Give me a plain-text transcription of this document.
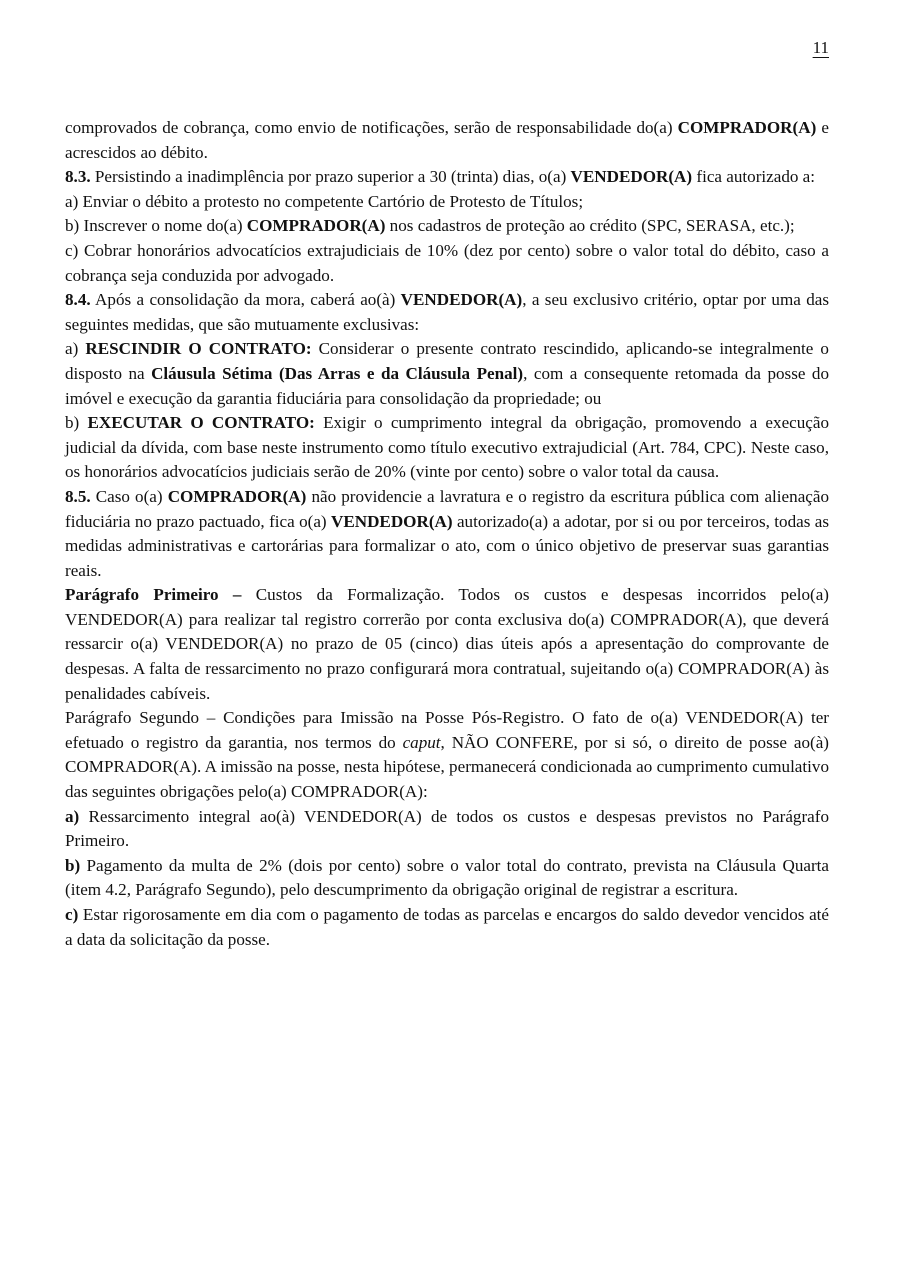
11

comprovados de cobrança, como envio de notificações, serão de responsabilidade do(a) COMPRADOR(A) e acrescidos ao débito.

8.3. Persistindo a inadimplência por prazo superior a 30 (trinta) dias, o(a) VENDEDOR(A) fica autorizado a:

a) Enviar o débito a protesto no competente Cartório de Protesto de Títulos;

b) Inscrever o nome do(a) COMPRADOR(A) nos cadastros de proteção ao crédito (SPC, SERASA, etc.);

c) Cobrar honorários advocatícios extrajudiciais de 10% (dez por cento) sobre o valor total do débito, caso a cobrança seja conduzida por advogado.

8.4. Após a consolidação da mora, caberá ao(à) VENDEDOR(A), a seu exclusivo critério, optar por uma das seguintes medidas, que são mutuamente exclusivas:

a) RESCINDIR O CONTRATO: Considerar o presente contrato rescindido, aplicando-se integralmente o disposto na Cláusula Sétima (Das Arras e da Cláusula Penal), com a consequente retomada da posse do imóvel e execução da garantia fiduciária para consolidação da propriedade; ou

b) EXECUTAR O CONTRATO: Exigir o cumprimento integral da obrigação, promovendo a execução judicial da dívida, com base neste instrumento como título executivo extrajudicial (Art. 784, CPC). Neste caso, os honorários advocatícios judiciais serão de 20% (vinte por cento) sobre o valor total da causa.

8.5. Caso o(a) COMPRADOR(A) não providencie a lavratura e o registro da escritura pública com alienação fiduciária no prazo pactuado, fica o(a) VENDEDOR(A) autorizado(a) a adotar, por si ou por terceiros, todas as medidas administrativas e cartorárias para formalizar o ato, com o único objetivo de preservar suas garantias reais.

Parágrafo Primeiro – Custos da Formalização. Todos os custos e despesas incorridos pelo(a) VENDEDOR(A) para realizar tal registro correrão por conta exclusiva do(a) COMPRADOR(A), que deverá ressarcir o(a) VENDEDOR(A) no prazo de 05 (cinco) dias úteis após a apresentação do comprovante de despesas. A falta de ressarcimento no prazo configurará mora contratual, sujeitando o(a) COMPRADOR(A) às penalidades cabíveis.

Parágrafo Segundo – Condições para Imissão na Posse Pós-Registro. O fato de o(a) VENDEDOR(A) ter efetuado o registro da garantia, nos termos do caput, NÃO CONFERE, por si só, o direito de posse ao(à) COMPRADOR(A). A imissão na posse, nesta hipótese, permanecerá condicionada ao cumprimento cumulativo das seguintes obrigações pelo(a) COMPRADOR(A):

a) Ressarcimento integral ao(à) VENDEDOR(A) de todos os custos e despesas previstos no Parágrafo Primeiro.

b) Pagamento da multa de 2% (dois por cento) sobre o valor total do contrato, prevista na Cláusula Quarta (item 4.2, Parágrafo Segundo), pelo descumprimento da obrigação original de registrar a escritura.

c) Estar rigorosamente em dia com o pagamento de todas as parcelas e encargos do saldo devedor vencidos até a data da solicitação da posse.
